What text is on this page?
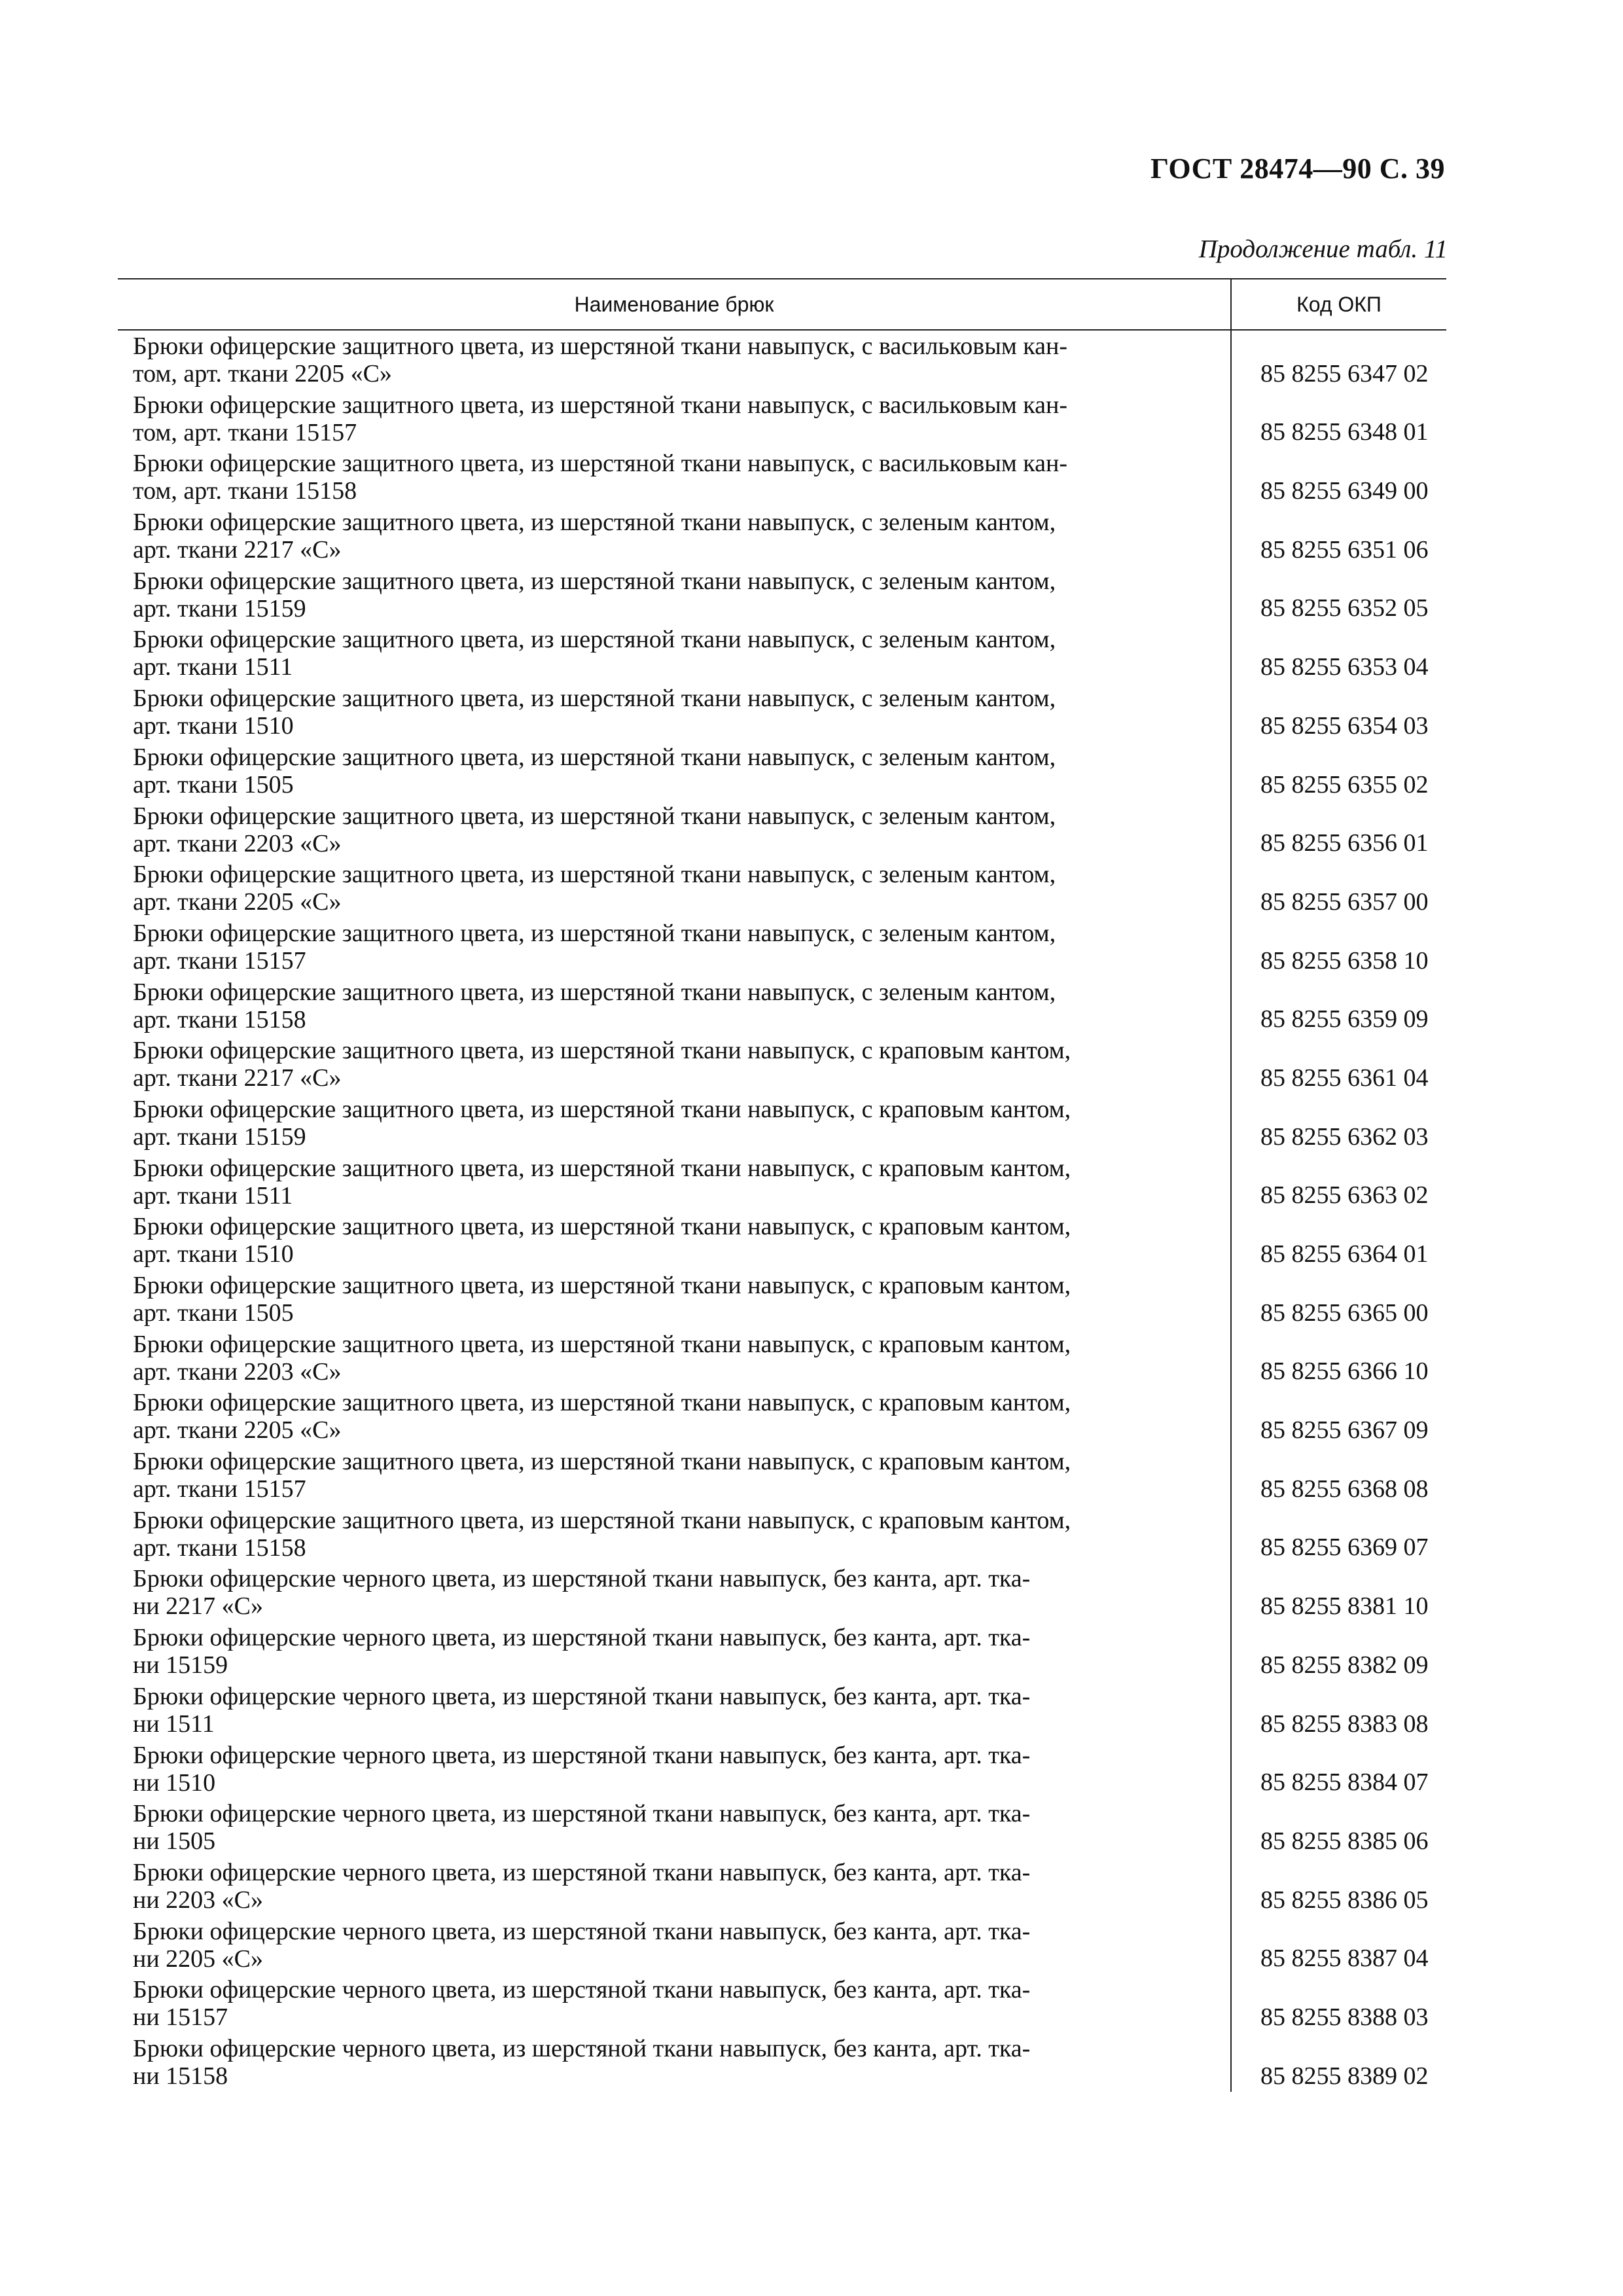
ГОСТ 28474—90 С. 39
Продолжение табл. 11
Наименование брюк	Код ОКП
Брюки офицерские защитного цвета, из шерстяной ткани навыпуск, с васильковым кан-
том, арт. ткани 2205 «С»	85 8255 6347 02
Брюки офицерские защитного цвета, из шерстяной ткани навыпуск, с васильковым кан-
том, арт. ткани 15157	85 8255 6348 01
Брюки офицерские защитного цвета, из шерстяной ткани навыпуск, с васильковым кан-
том, арт. ткани 15158	85 8255 6349 00
Брюки офицерские защитного цвета, из шерстяной ткани навыпуск, с зеленым кантом,
арт. ткани 2217 «С»	85 8255 6351 06
Брюки офицерские защитного цвета, из шерстяной ткани навыпуск, с зеленым кантом,
арт. ткани 15159	85 8255 6352 05
Брюки офицерские защитного цвета, из шерстяной ткани навыпуск, с зеленым кантом,
арт. ткани 1511	85 8255 6353 04
Брюки офицерские защитного цвета, из шерстяной ткани навыпуск, с зеленым кантом,
арт. ткани 1510	85 8255 6354 03
Брюки офицерские защитного цвета, из шерстяной ткани навыпуск, с зеленым кантом,
арт. ткани 1505	85 8255 6355 02
Брюки офицерские защитного цвета, из шерстяной ткани навыпуск, с зеленым кантом,
арт. ткани 2203 «С»	85 8255 6356 01
Брюки офицерские защитного цвета, из шерстяной ткани навыпуск, с зеленым кантом,
арт. ткани 2205 «С»	85 8255 6357 00
Брюки офицерские защитного цвета, из шерстяной ткани навыпуск, с зеленым кантом,
арт. ткани 15157	85 8255 6358 10
Брюки офицерские защитного цвета, из шерстяной ткани навыпуск, с зеленым кантом,
арт. ткани 15158	85 8255 6359 09
Брюки офицерские защитного цвета, из шерстяной ткани навыпуск, с краповым кантом,
арт. ткани 2217 «С»	85 8255 6361 04
Брюки офицерские защитного цвета, из шерстяной ткани навыпуск, с краповым кантом,
арт. ткани 15159	85 8255 6362 03
Брюки офицерские защитного цвета, из шерстяной ткани навыпуск, с краповым кантом,
арт. ткани 1511	85 8255 6363 02
Брюки офицерские защитного цвета, из шерстяной ткани навыпуск, с краповым кантом,
арт. ткани 1510	85 8255 6364 01
Брюки офицерские защитного цвета, из шерстяной ткани навыпуск, с краповым кантом,
арт. ткани 1505	85 8255 6365 00
Брюки офицерские защитного цвета, из шерстяной ткани навыпуск, с краповым кантом,
арт. ткани 2203 «С»	85 8255 6366 10
Брюки офицерские защитного цвета, из шерстяной ткани навыпуск, с краповым кантом,
арт. ткани 2205 «С»	85 8255 6367 09
Брюки офицерские защитного цвета, из шерстяной ткани навыпуск, с краповым кантом,
арт. ткани 15157	85 8255 6368 08
Брюки офицерские защитного цвета, из шерстяной ткани навыпуск, с краповым кантом,
арт. ткани 15158	85 8255 6369 07
Брюки офицерские черного цвета, из шерстяной ткани навыпуск, без канта, арт. тка-
ни 2217 «С»	85 8255 8381 10
Брюки офицерские черного цвета, из шерстяной ткани навыпуск, без канта, арт. тка-
ни 15159	85 8255 8382 09
Брюки офицерские черного цвета, из шерстяной ткани навыпуск, без канта, арт. тка-
ни 1511	85 8255 8383 08
Брюки офицерские черного цвета, из шерстяной ткани навыпуск, без канта, арт. тка-
ни 1510	85 8255 8384 07
Брюки офицерские черного цвета, из шерстяной ткани навыпуск, без канта, арт. тка-
ни 1505	85 8255 8385 06
Брюки офицерские черного цвета, из шерстяной ткани навыпуск, без канта, арт. тка-
ни 2203 «С»	85 8255 8386 05
Брюки офицерские черного цвета, из шерстяной ткани навыпуск, без канта, арт. тка-
ни 2205 «С»	85 8255 8387 04
Брюки офицерские черного цвета, из шерстяной ткани навыпуск, без канта, арт. тка-
ни 15157	85 8255 8388 03
Брюки офицерские черного цвета, из шерстяной ткани навыпуск, без канта, арт. тка-
ни 15158	85 8255 8389 02
